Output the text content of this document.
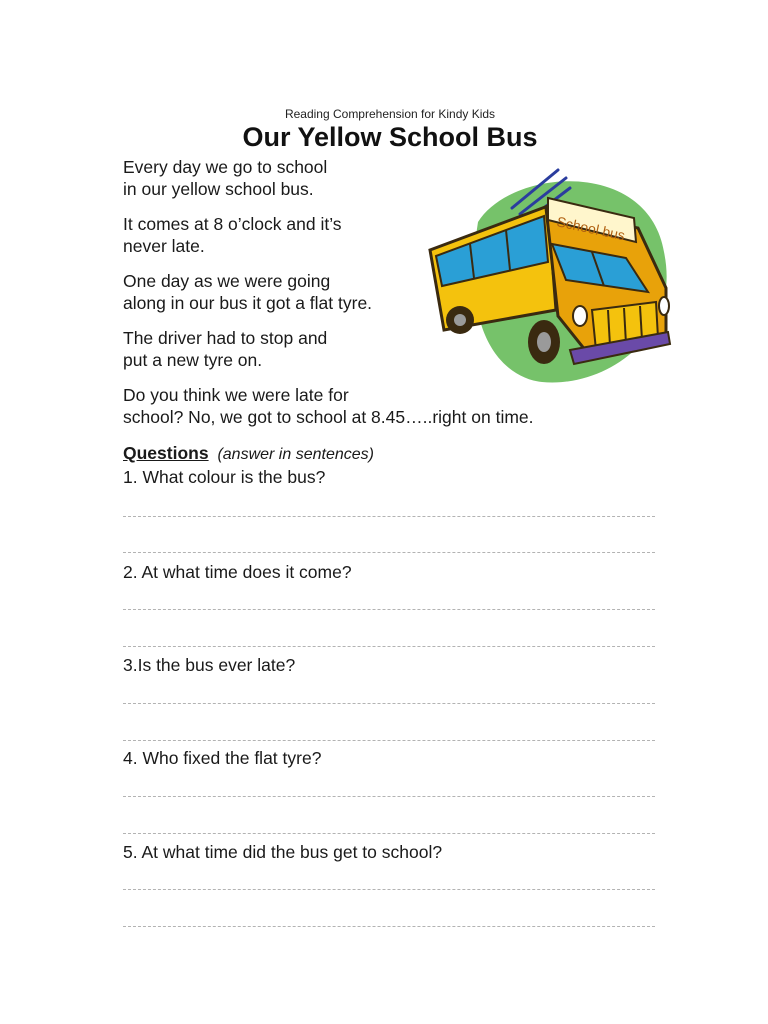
Reading Comprehension for Kindy Kids
Our Yellow School Bus

Every day we go to school
in our yellow school bus.

It comes at 8 o’clock and it’s
never late.

One day as we were going
along in our bus it got a flat tyre.

The driver had to stop and
put a new tyre on.

Do you think we were late for
school? No, we got to school at 8.45…..right on time.

School bus
Questions (answer in sentences)
1. What colour is the bus?
2. At what time does it come?
3.Is the bus ever late?
4. Who fixed the flat tyre?
5. At what time did the bus get to school?
